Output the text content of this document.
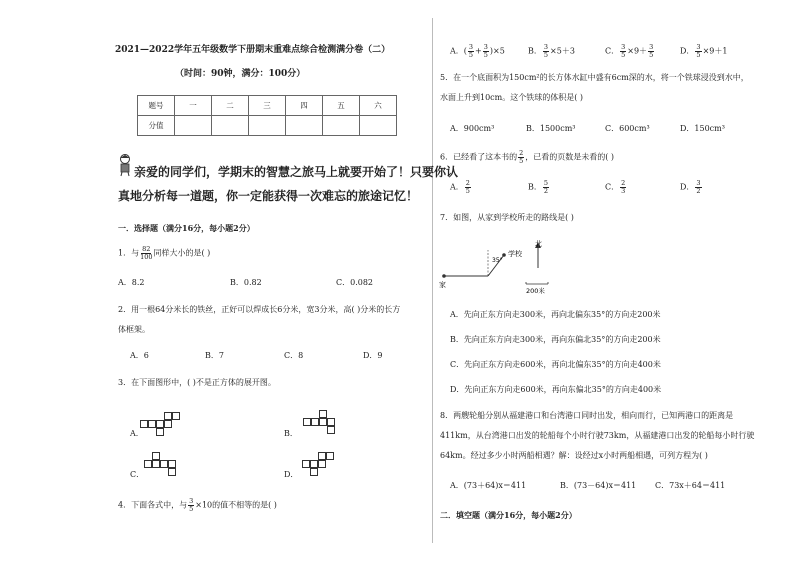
2021—2022学年五年级数学下册期末重难点综合检测满分卷（二）
（时间：90钟，满分：100分）
题号	一	二	三	四	五	六
分值						
亲爱的同学们，学期末的智慧之旅马上就要开始了！只要你认
真地分析每一道题，你一定能获得一次难忘的旅途记忆！
一．选择题（满分16分，每小题2分）
1．与 $\frac{82}{100}$ 同样大小的是( )
A．8.2	B．0.82	C．0.082
2．用一根64分米长的铁丝，正好可以焊成长6分米，宽3分米，高( )分米的长方
体框架。
A．6	B．7	C．8	D．9
3．在下面图形中，( )不是正方体的展开图。
A．	B．
C．	D．
4．下面各式中，与 $\frac{3}{5} \times 10$的值不相等的是( )
A．( $\frac{3}{5} + \frac{3}{5} )\times 5$	B． $\frac{3}{5} \times 5+3$	C． $\frac{3}{5} \times 9+ \frac{3}{5}$	D． $\frac{3}{5} \times 9+1$
5．在一个底面积为150cm²的长方体水缸中盛有6cm深的水，将一个铁球浸没到水中，
水面上升到10cm。这个铁球的体积是( )
A．900cm³	B．1500cm³	C．600cm³	D．150cm³
6．已经看了这本书的 $\frac{2}{5}$ ，已看的页数是未看的( )
A． $\frac{2}{5}$	B． $\frac{5}{2}$	C． $\frac{2}{3}$	D． $\frac{3}{2}$
7．如图，从家到学校所走的路线是( )
北
35°
学校
家
200米
A．先向正东方向走300米，再向北偏东35°的方向走200米
B．先向正东方向走300米，再向东偏北35°的方向走200米
C．先向正东方向走600米，再向北偏东35°的方向走400米
D．先向正东方向走600米，再向东偏北35°的方向走400米
8．两艘轮船分别从福建港口和台湾港口同时出发，相向而行，已知两港口的距离是
411km，从台湾港口出发的轮船每个小时行驶73km，从福建港口出发的轮船每小时行驶
64km。经过多少小时两船相遇？解：设经过x小时两船相遇，可列方程为( )
A．(73＋64)x＝411	B．(73－64)x＝411 C．73x＋64＝411
二．填空题（满分16分，每小题2分）
